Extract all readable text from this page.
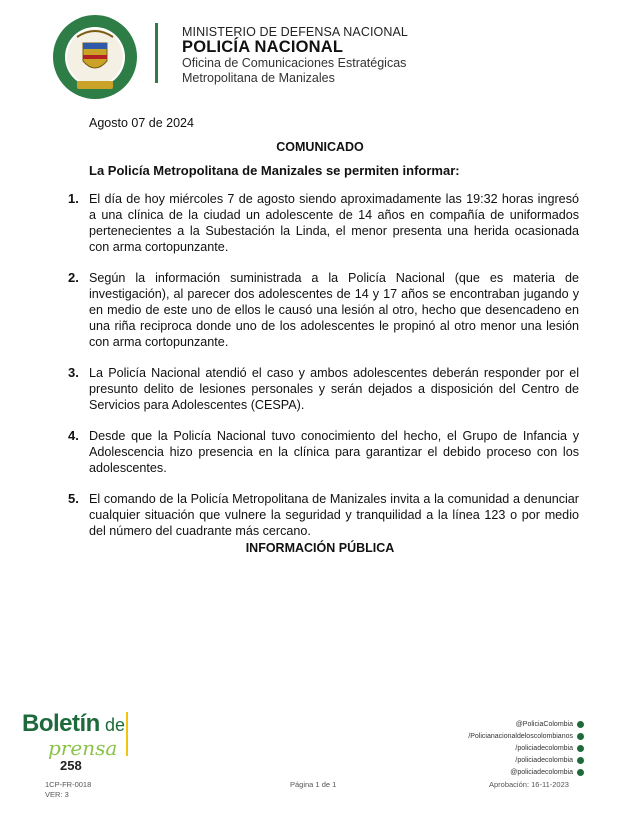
MINISTERIO DE DEFENSA NACIONAL
POLICÍA NACIONAL
Oficina de Comunicaciones Estratégicas
Metropolitana de Manizales
Agosto 07 de 2024
COMUNICADO
La Policía Metropolitana de Manizales se permiten informar:
1. El día de hoy miércoles 7 de agosto siendo aproximadamente las 19:32 horas ingresó a una clínica de la ciudad un adolescente de 14 años en compañía de uniformados pertenecientes a la Subestación la Linda, el menor presenta una herida ocasionada con arma cortopunzante.
2. Según la información suministrada a la Policía Nacional (que es materia de investigación), al parecer dos adolescentes de 14 y 17 años se encontraban jugando y en medio de este uno de ellos le causó una lesión al otro, hecho que desencadeno en una riña reciproca donde uno de los adolescentes le propinó al otro menor una lesión con arma cortopunzante.
3. La Policía Nacional atendió el caso y ambos adolescentes deberán responder por el presunto delito de lesiones personales y serán dejados a disposición del Centro de Servicios para Adolescentes (CESPA).
4. Desde que la Policía Nacional tuvo conocimiento del hecho, el Grupo de Infancia y Adolescencia hizo presencia en la clínica para garantizar el debido proceso con los adolescentes.
5. El comando de la Policía Metropolitana de Manizales invita a la comunidad a denunciar cualquier situación que vulnere la seguridad y tranquilidad a la línea 123 o por medio del número del cuadrante más cercano.
INFORMACIÓN PÚBLICA
Boletín de
prensa
258
@PoliciaColombia
/Policianacionaldeloscolombianos
/policiadecolombia
/policiadecolombia
@policiadecolombia
1CP-FR-0018
VER: 3
Página 1 de 1	Aprobación: 16-11-2023
